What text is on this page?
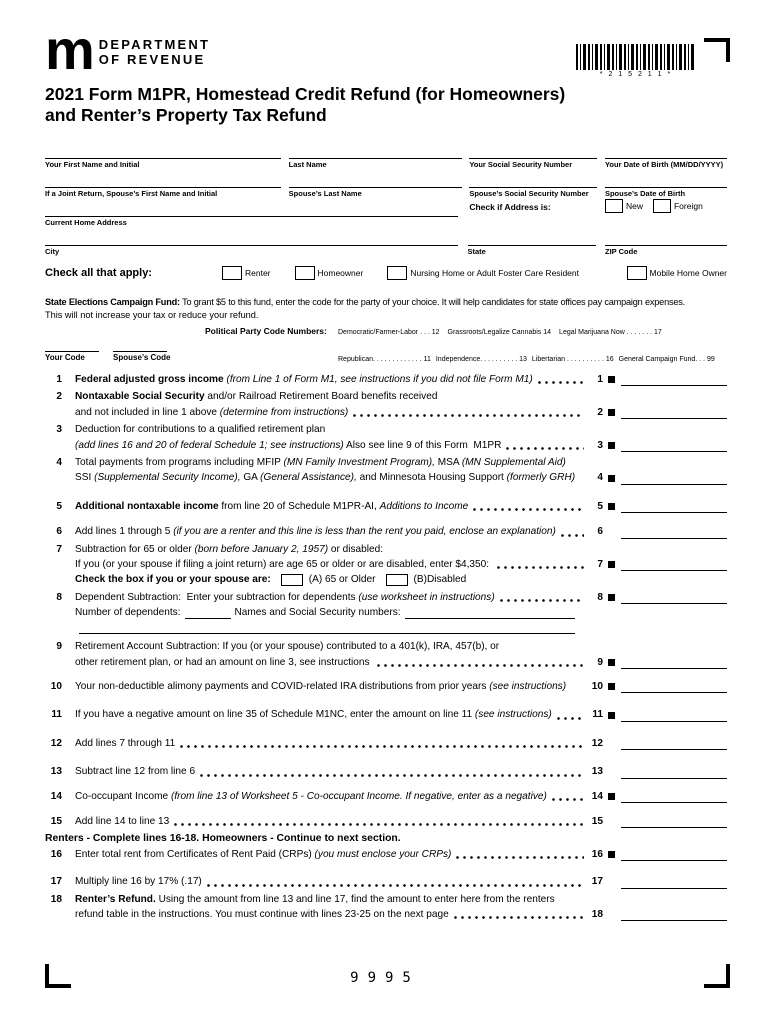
m DEPARTMENT
OF REVENUE
* 2 1 5 2 1 1 *
2021 Form M1PR, Homestead Credit Refund (for Homeowners)
and Renter’s Property Tax Refund
Your First Name and Initial	Last Name	Your Social Security Number	Your Date of Birth (MM/DD/YYYY)
If a Joint Return, Spouse’s First Name and Initial	Spouse’s Last Name	Spouse’s Social Security Number
Check if Address is:
Spouse’s Date of Birth
New	Foreign
Current Home Address
City	State	ZIP Code
Check all that apply:	Renter	Homeowner	Nursing Home or Adult Foster Care Resident	Mobile Home Owner
State Elections Campaign Fund: To grant $5 to this fund, enter the code for the party of your choice. It will help candidates for state offices pay campaign expenses.
This will not increase your tax or reduce your refund.
Political Party Code Numbers:	Democratic/Farmer-Labor . . . 12 Grassroots/Legalize Cannabis 14 Legal Marijuana Now . . . . . . . 17
Your Code	Spouse’s Code	Republican. . . . . . . . . . . . . 11 Independence. . . . . . . . . . 13 Libertarian . . . . . . . . . . 16 General Campaign Fund. . . 99
1	Federal adjusted gross income (from Line 1 of Form M1, see instructions if you did not file Form M1)	1
2	Nontaxable Social Security and/or Railroad Retirement Board benefits received

and not included in line 1 above (determine from instructions)	2
3	Deduction for contributions to a qualified retirement plan

(add lines 16 and 20 of federal Schedule 1; see instructions) Also see line 9 of this Form  M1PR	3
4	Total payments from programs including MFIP (MN Family Investment Program), MSA (MN Supplemental Aid)

SSI (Supplemental Security Income), GA (General Assistance), and Minnesota Housing Support (formerly GRH)	4
5	Additional nontaxable income from line 20 of Schedule M1PR-AI, Additions to Income	5
6	Add lines 1 through 5 (if you are a renter and this line is less than the rent you paid, enclose an explanation)	6
7	Subtraction for 65 or older (born before January 2, 1957) or disabled:

If you (or your spouse if filing a joint return) are age 65 or older or are disabled, enter $4,350:	7

Check the box if you or your spouse are:	(A) 65 or Older	(B)Disabled
8	Dependent Subtraction:  Enter your subtraction for dependents (use worksheet in instructions)	8

Number of dependents:	Names and Social Security numbers:

9	Retirement Account Subtraction: If you (or your spouse) contributed to a 401(k), IRA, 457(b), or

other retirement plan, or had an amount on line 3, see instructions	9
10	Your non-deductible alimony payments and COVID-related IRA distributions from prior years (see instructions)	10
11	If you have a negative amount on line 35 of Schedule M1NC, enter the amount on line 11 (see instructions)	11
12	Add lines 7 through 11	12
13	Subtract line 12 from line 6	13
14	Co-occupant Income (from line 13 of Worksheet 5 - Co-occupant Income. If negative, enter as a negative)	14
15	Add line 14 to line 13	15
Renters - Complete lines 16-18. Homeowners - Continue to next section.
16	Enter total rent from Certificates of Rent Paid (CRPs) (you must enclose your CRPs)	16
17	Multiply line 16 by 17% (.17)	17
18	Renter’s Refund. Using the amount from line 13 and line 17, find the amount to enter here from the renters

refund table in the instructions. You must continue with lines 23-25 on the next page	18
9995
